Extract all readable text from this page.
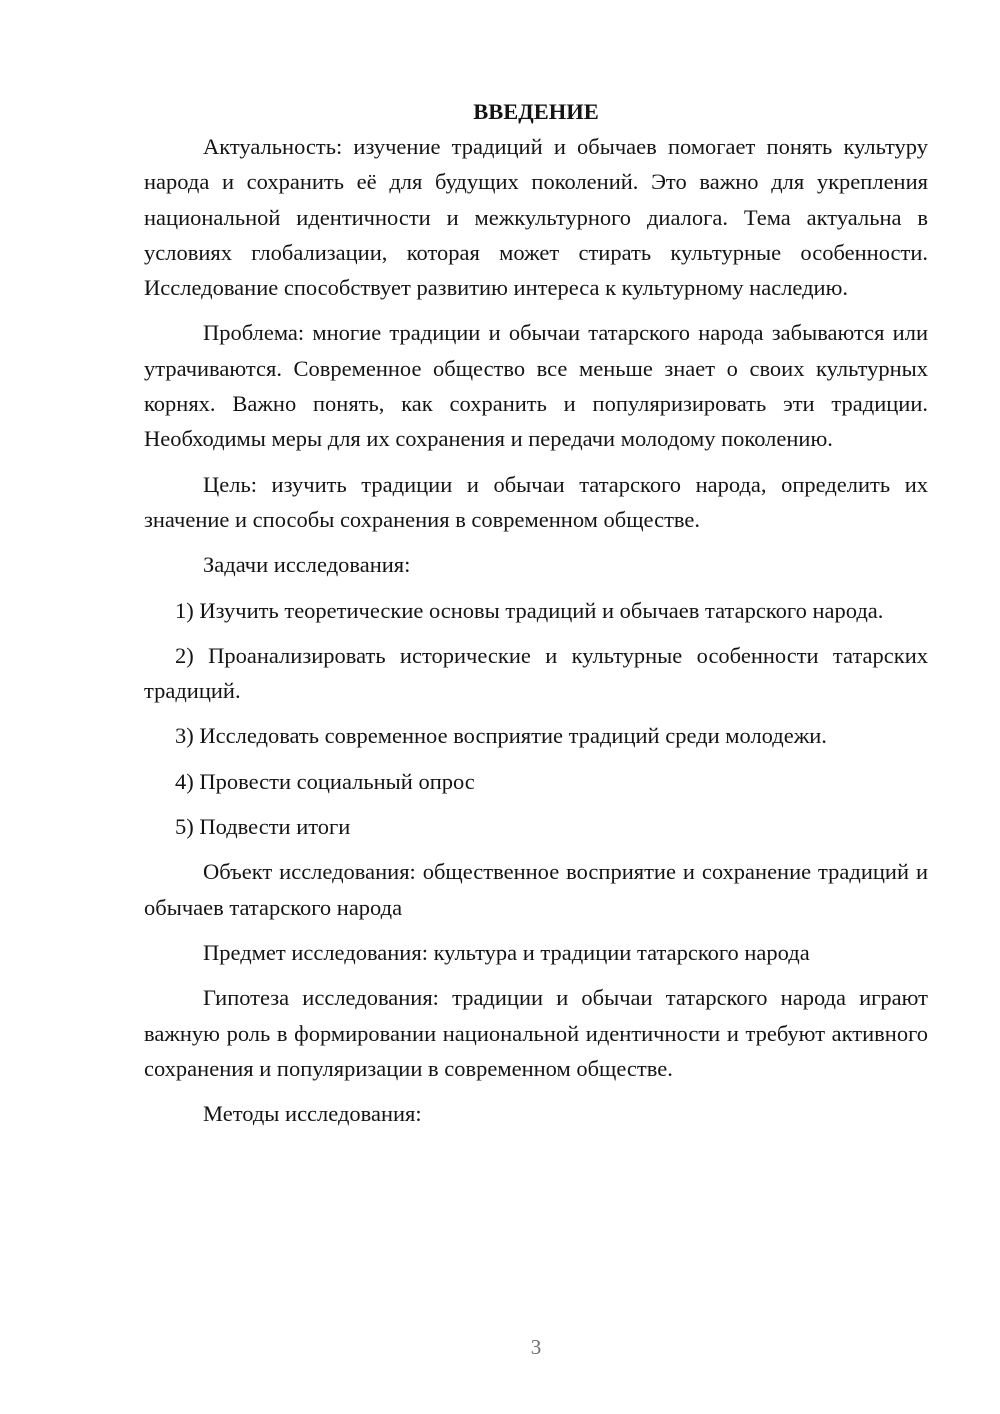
ВВЕДЕНИЕ

Актуальность: изучение традиций и обычаев помогает понять культуру народа и сохранить её для будущих поколений. Это важно для укрепления национальной идентичности и межкультурного диалога. Тема актуальна в условиях глобализации, которая может стирать культурные особенности. Исследование способствует развитию интереса к культурному наследию.

Проблема: многие традиции и обычаи татарского народа забываются или утрачиваются. Современное общество все меньше знает о своих культурных корнях. Важно понять, как сохранить и популяризировать эти традиции. Необходимы меры для их сохранения и передачи молодому поколению.

Цель: изучить традиции и обычаи татарского народа, определить их значение и способы сохранения в современном обществе.

Задачи исследования:

1) Изучить теоретические основы традиций и обычаев татарского народа.

2) Проанализировать исторические и культурные особенности татарских традиций.

3) Исследовать современное восприятие традиций среди молодежи.

4) Провести социальный опрос

5) Подвести итоги

Объект исследования: общественное восприятие и сохранение традиций и обычаев татарского народа

Предмет исследования: культура и традиции татарского народа

Гипотеза исследования: традиции и обычаи татарского народа играют важную роль в формировании национальной идентичности и требуют активного сохранения и популяризации в современном обществе.

Методы исследования:

3
